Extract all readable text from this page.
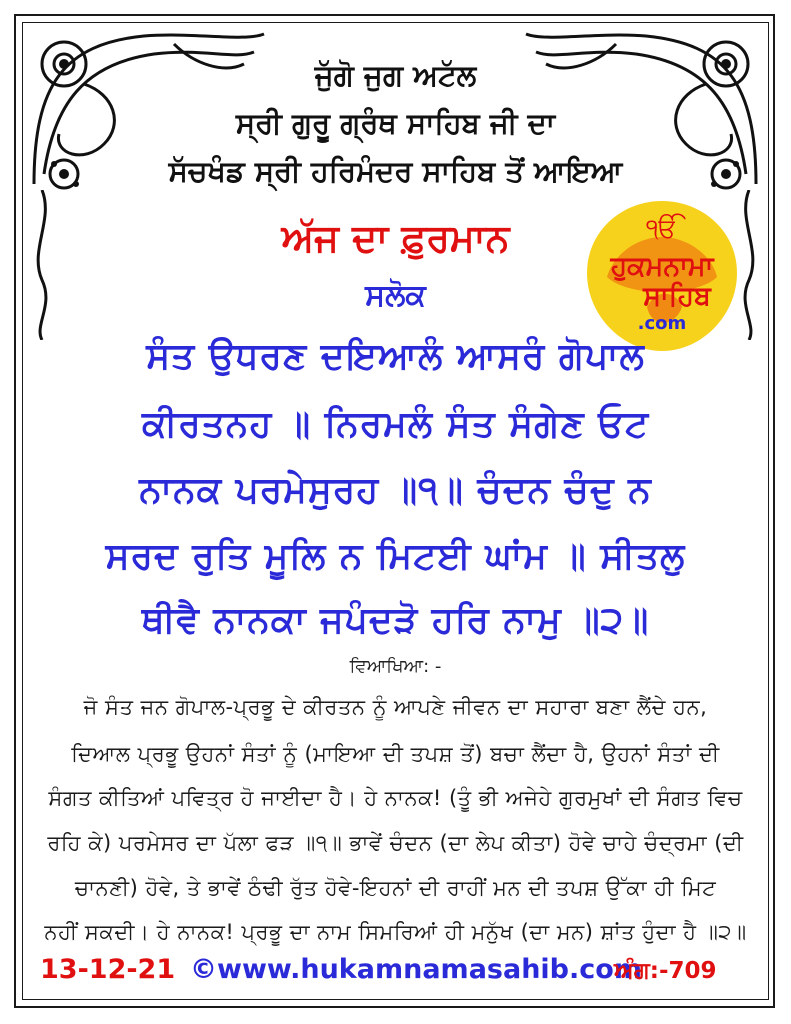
ਜੁੱਗੋ ਜੁਗ ਅਟੱਲ
ਸ੍ਰੀ ਗੁਰੂ ਗ੍ਰੰਥ ਸਾਹਿਬ ਜੀ ਦਾ
ਸੱਚਖੰਡ ਸ੍ਰੀ ਹਰਿਮੰਦਰ ਸਾਹਿਬ ਤੋਂ ਆਇਆ
ਅੱਜ ਦਾ ਫ਼ੁਰਮਾਨ
ਸਲੋਕ
ੴ
ਹੁਕਮਨਾਮਾ
ਸਾਹਿਬ
.com
ਸੰਤ ਉਧਰਣ ਦਇਆਲੰ ਆਸਰੰ ਗੋਪਾਲ
ਕੀਰਤਨਹ ॥ ਨਿਰਮਲੰ ਸੰਤ ਸੰਗੇਣ ਓਟ
ਨਾਨਕ ਪਰਮੇਸੁਰਹ ॥੧॥ ਚੰਦਨ ਚੰਦੁ ਨ
ਸਰਦ ਰੁਤਿ ਮੂਲਿ ਨ ਮਿਟਈ ਘਾਂਮ ॥ ਸੀਤਲੁ
ਥੀਵੈ ਨਾਨਕਾ ਜਪੰਦੜੋ ਹਰਿ ਨਾਮੁ ॥੨॥
ਵਿਆਖਿਆ: -
ਜੋ ਸੰਤ ਜਨ ਗੋਪਾਲ-ਪ੍ਰਭੂ ਦੇ ਕੀਰਤਨ ਨੂੰ ਆਪਣੇ ਜੀਵਨ ਦਾ ਸਹਾਰਾ ਬਣਾ ਲੈਂਦੇ ਹਨ,
ਦਿਆਲ ਪ੍ਰਭੂ ਉਹਨਾਂ ਸੰਤਾਂ ਨੂੰ (ਮਾਇਆ ਦੀ ਤਪਸ਼ ਤੋਂ) ਬਚਾ ਲੈਂਦਾ ਹੈ, ਉਹਨਾਂ ਸੰਤਾਂ ਦੀ
ਸੰਗਤ ਕੀਤਿਆਂ ਪਵਿਤ੍ਰ ਹੋ ਜਾਈਦਾ ਹੈ। ਹੇ ਨਾਨਕ! (ਤੂੰ ਭੀ ਅਜੇਹੇ ਗੁਰਮੁਖਾਂ ਦੀ ਸੰਗਤ ਵਿਚ
ਰਹਿ ਕੇ) ਪਰਮੇਸਰ ਦਾ ਪੱਲਾ ਫੜ ॥੧॥ ਭਾਵੇਂ ਚੰਦਨ (ਦਾ ਲੇਪ ਕੀਤਾ) ਹੋਵੇ ਚਾਹੇ ਚੰਦ੍ਰਮਾ (ਦੀ
ਚਾਨਣੀ) ਹੋਵੇ, ਤੇ ਭਾਵੇਂ ਠੰਢੀ ਰੁੱਤ ਹੋਵੇ-ਇਹਨਾਂ ਦੀ ਰਾਹੀਂ ਮਨ ਦੀ ਤਪਸ਼ ਉੱਕਾ ਹੀ ਮਿਟ
ਨਹੀਂ ਸਕਦੀ। ਹੇ ਨਾਨਕ! ਪ੍ਰਭੂ ਦਾ ਨਾਮ ਸਿਮਰਿਆਂ ਹੀ ਮਨੁੱਖ (ਦਾ ਮਨ) ਸ਼ਾਂਤ ਹੁੰਦਾ ਹੈ ॥੨॥
13-12-21 ©www.hukamnamasahib.com
ਅੰਗ:-709
